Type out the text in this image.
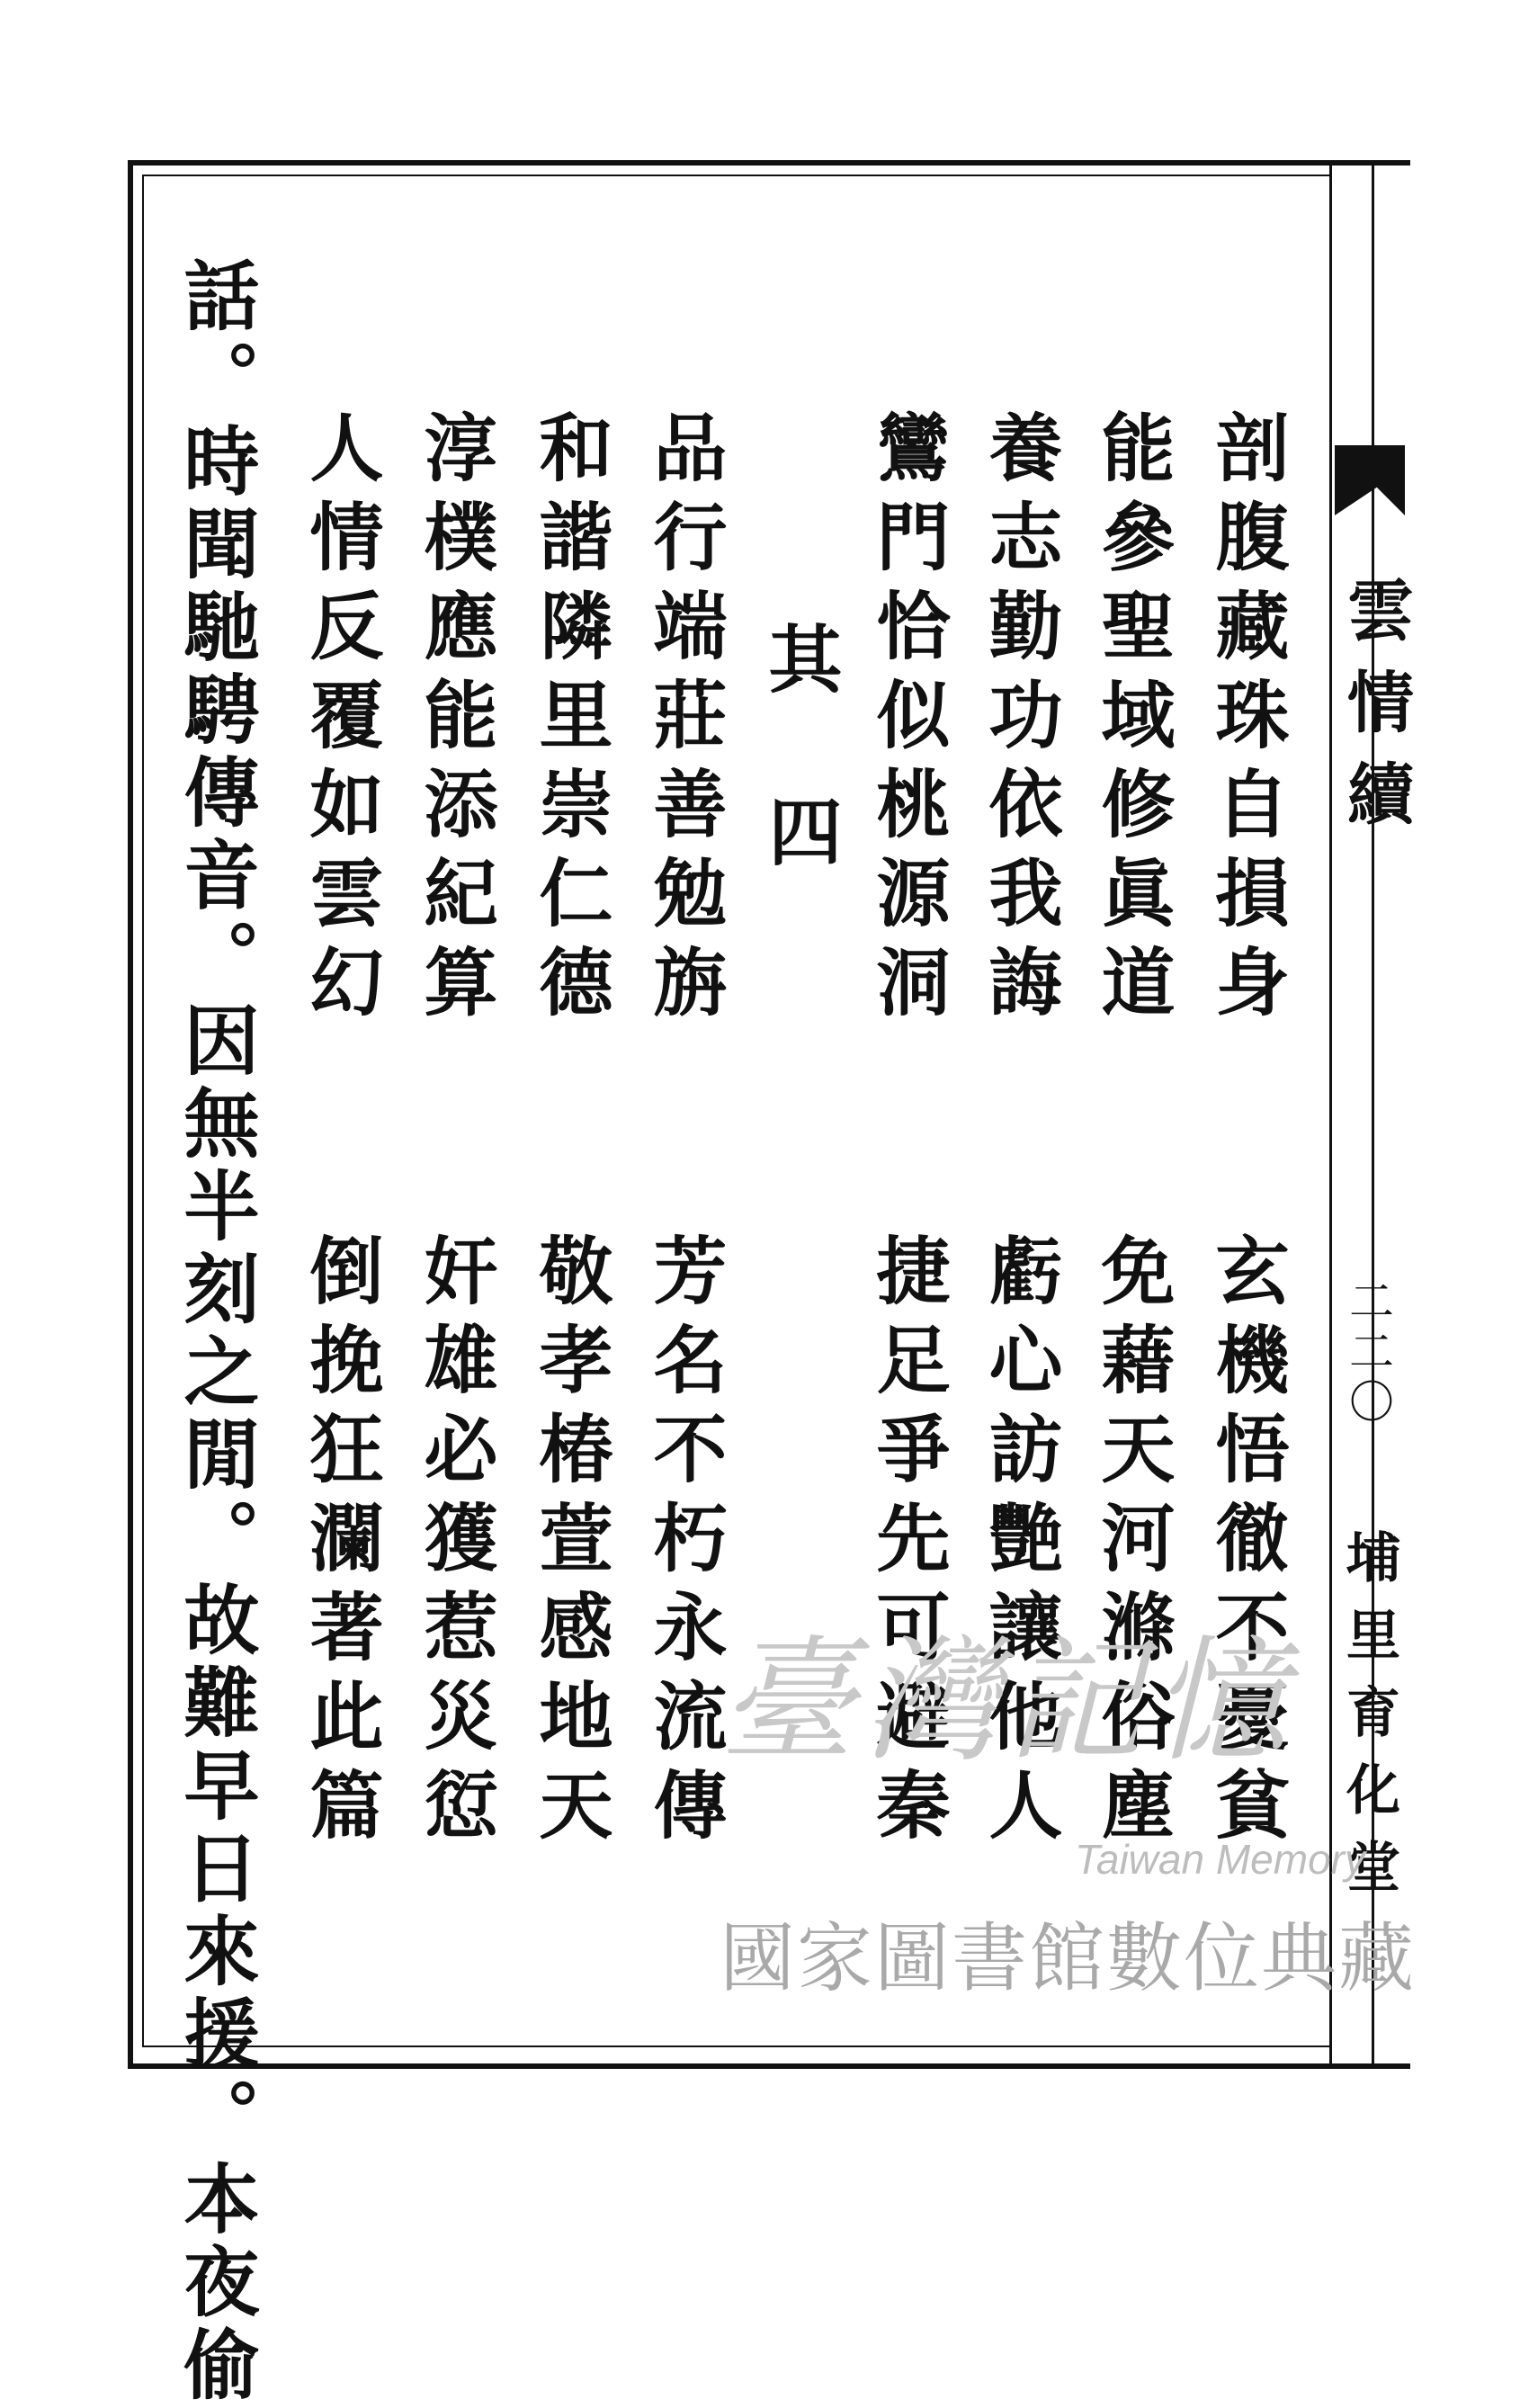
雲情續
二二〇
埔里育化堂
剖腹藏珠自損身
玄機悟徹不憂貧
能參聖域修眞道
免藉天河滌俗塵
養志勤功依我誨
虧心訪艷讓他人
鸞門恰似桃源洞
捷足爭先可避秦
其四
品行端莊善勉旃
芳名不朽永流傳
和諧隣里崇仁德
敬孝椿萱感地天
淳樸應能添紀算
奸雄必獲惹災愆
人情反覆如雲幻
倒挽狂瀾著此篇
話。時聞馳騁傳音。因無半刻之閒。故難早日來援。本夜偷	臺灣記憶
Taiwan Memory
國家圖書館數位典藏
